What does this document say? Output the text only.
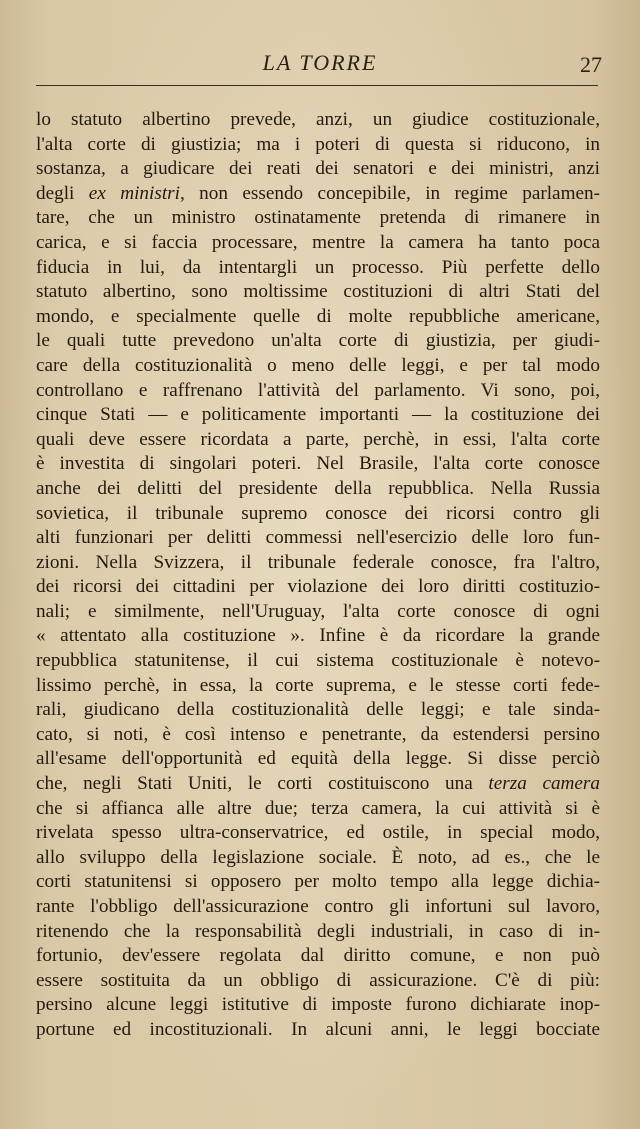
LA TORRE	27
lo statuto albertino prevede, anzi, un giudice costituzionale,
l'alta corte di giustizia; ma i poteri di questa si riducono, in
sostanza, a giudicare dei reati dei senatori e dei ministri, anzi
degli ex ministri, non essendo concepibile, in regime parlamen-
tare, che un ministro ostinatamente pretenda di rimanere in
carica, e si faccia processare, mentre la camera ha tanto poca
fiducia in lui, da intentargli un processo. Più perfette dello
statuto albertino, sono moltissime costituzioni di altri Stati del
mondo, e specialmente quelle di molte repubbliche americane,
le quali tutte prevedono un'alta corte di giustizia, per giudi-
care della costituzionalità o meno delle leggi, e per tal modo
controllano e raffrenano l'attività del parlamento. Vi sono, poi,
cinque Stati — e politicamente importanti — la costituzione dei
quali deve essere ricordata a parte, perchè, in essi, l'alta corte
è investita di singolari poteri. Nel Brasile, l'alta corte conosce
anche dei delitti del presidente della repubblica. Nella Russia
sovietica, il tribunale supremo conosce dei ricorsi contro gli
alti funzionari per delitti commessi nell'esercizio delle loro fun-
zioni. Nella Svizzera, il tribunale federale conosce, fra l'altro,
dei ricorsi dei cittadini per violazione dei loro diritti costituzio-
nali; e similmente, nell'Uruguay, l'alta corte conosce di ogni
« attentato alla costituzione ». Infine è da ricordare la grande
repubblica statunitense, il cui sistema costituzionale è notevo-
lissimo perchè, in essa, la corte suprema, e le stesse corti fede-
rali, giudicano della costituzionalità delle leggi; e tale sinda-
cato, si noti, è così intenso e penetrante, da estendersi persino
all'esame dell'opportunità ed equità della legge. Si disse perciò
che, negli Stati Uniti, le corti costituiscono una terza camera
che si affianca alle altre due; terza camera, la cui attività si è
rivelata spesso ultra-conservatrice, ed ostile, in special modo,
allo sviluppo della legislazione sociale. È noto, ad es., che le
corti statunitensi si opposero per molto tempo alla legge dichia-
rante l'obbligo dell'assicurazione contro gli infortuni sul lavoro,
ritenendo che la responsabilità degli industriali, in caso di in-
fortunio, dev'essere regolata dal diritto comune, e non può
essere sostituita da un obbligo di assicurazione. C'è di più:
persino alcune leggi istitutive di imposte furono dichiarate inop-
portune ed incostituzionali. In alcuni anni, le leggi bocciate
